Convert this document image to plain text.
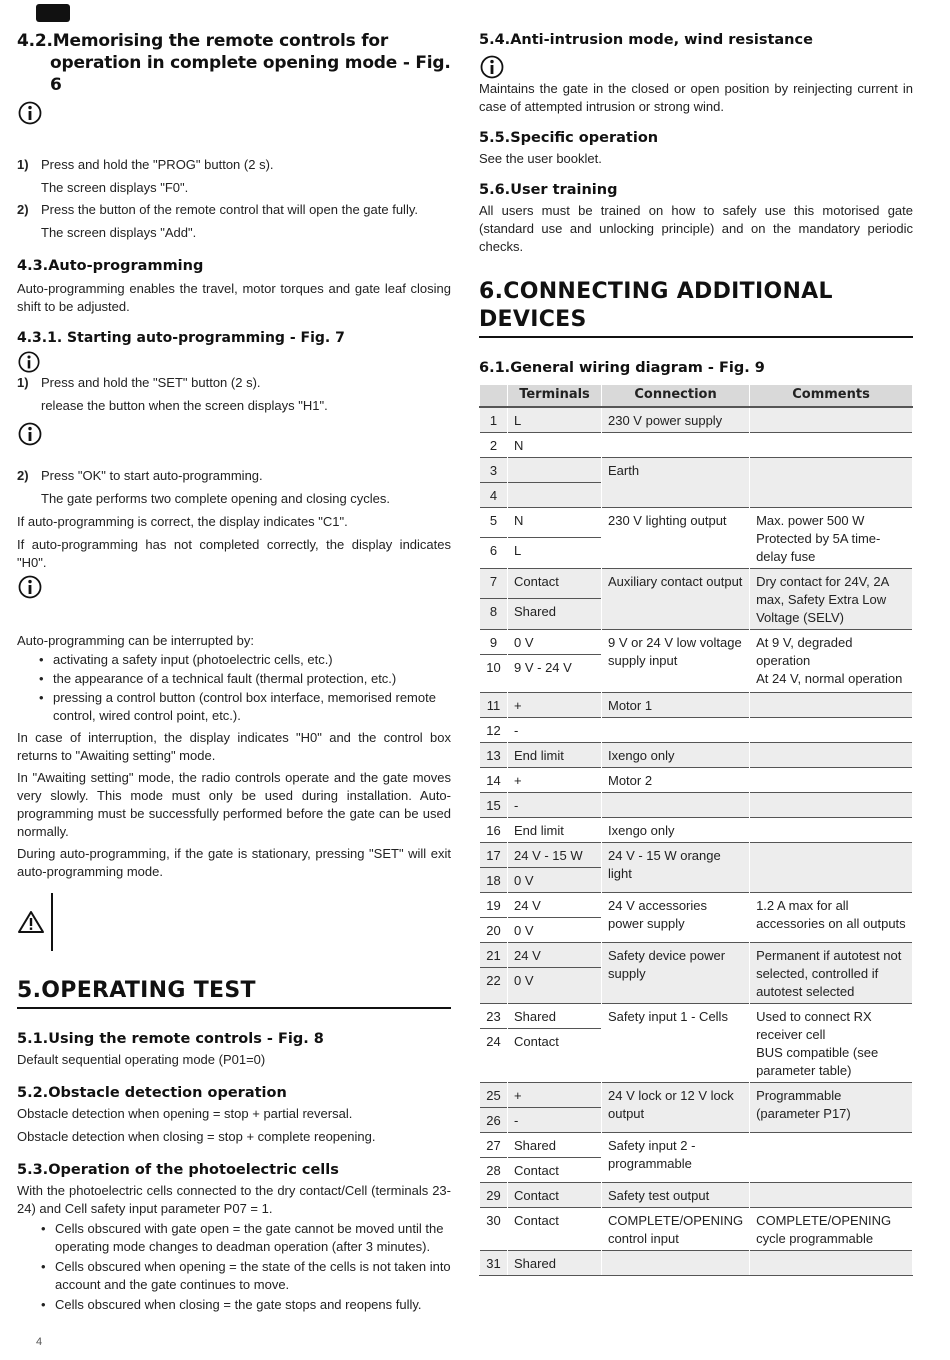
4.2.Memorising the remote controls for operation in complete opening mode - Fig. 6
1) Press and hold the "PROG" button (2 s).

The screen displays "F0".

2) Press the button of the remote control that will open the gate fully.

The screen displays "Add".

4.3.Auto-programming

Auto-programming enables the travel, motor torques and gate leaf closing shift to be adjusted.

4.3.1. Starting auto-programming - Fig. 7
1) Press and hold the "SET" button (2 s).

release the button when the screen displays "H1".

2) Press "OK" to start auto-programming.

The gate performs two complete opening and closing cycles.

If auto-programming is correct, the display indicates "C1".

If auto-programming has not completed correctly, the display indicates "H0".

Auto-programming can be interrupted by:

• activating a safety input (photoelectric cells, etc.)
• the appearance of a technical fault (thermal protection, etc.)
• pressing a control button (control box interface, memorised remote control, wired control point, etc.).

In case of interruption, the display indicates "H0" and the control box returns to "Awaiting setting" mode.

In "Awaiting setting" mode, the radio controls operate and the gate moves very slowly. This mode must only be used during installation. Auto-programming must be successfully performed before the gate can be used normally.

During auto-programming, if the gate is stationary, pressing "SET" will exit auto-programming mode.

5.OPERATING TEST
5.1.Using the remote controls - Fig. 8

Default sequential operating mode (P01=0)

5.2.Obstacle detection operation

Obstacle detection when opening = stop + partial reversal.

Obstacle detection when closing = stop + complete reopening.

5.3.Operation of the photoelectric cells

With the photoelectric cells connected to the dry contact/Cell (terminals 23-24) and Cell safety input parameter P07 = 1.

• Cells obscured with gate open = the gate cannot be moved until the operating mode changes to deadman operation (after 3 minutes).
• Cells obscured when opening = the state of the cells is not taken into account and the gate continues to move.
• Cells obscured when closing = the gate stops and reopens fully.
5.4.Anti-intrusion mode, wind resistance

Maintains the gate in the closed or open position by reinjecting current in case of attempted intrusion or strong wind.

5.5.Specific operation

See the user booklet.

5.6.User training

All users must be trained on how to safely use this motorised gate (standard use and unlocking principle) and on the mandatory periodic checks.

6.CONNECTING ADDITIONAL DEVICES
6.1.General wiring diagram - Fig. 9
	Terminals	Connection	Comments
1	L	230 V power supply	
2	N		
3		Earth	
4			
5	N	230 V lighting output	Max. power 500 W
Protected by 5A time-delay fuse

6	L		
7	Contact	Auxiliary contact output	Dry contact for 24V, 2A max, Safety Extra Low Voltage (SELV)
8	Shared		
9	0 V	9 V or 24 V low voltage supply input	At 9 V, degraded operation
At 24 V, normal operation

10	9 V - 24 V		
11	+	Motor 1	
12	-		
13	End limit	Ixengo only	
14	+	Motor 2	
15	-		
16	End limit	Ixengo only	
17	24 V - 15 W	24 V - 15 W orange light	
18	0 V		
19	24 V	24 V accessories power supply	1.2 A max for all accessories on all outputs
20	0 V		
21	24 V	Safety device power supply	Permanent if autotest not selected, controlled if autotest selected
22	0 V		
23	Shared	Safety input 1 - Cells	Used to connect RX receiver cell
BUS compatible (see parameter table)

24	Contact		
25	+	24 V lock or 12 V lock output	Programmable (parameter P17)
26	-		
27	Shared	Safety input 2 - programmable	
28	Contact		
29	Contact	Safety test output	
30	Contact	COMPLETE/OPENING control input	COMPLETE/OPENING cycle programmable
31	Shared		
4
